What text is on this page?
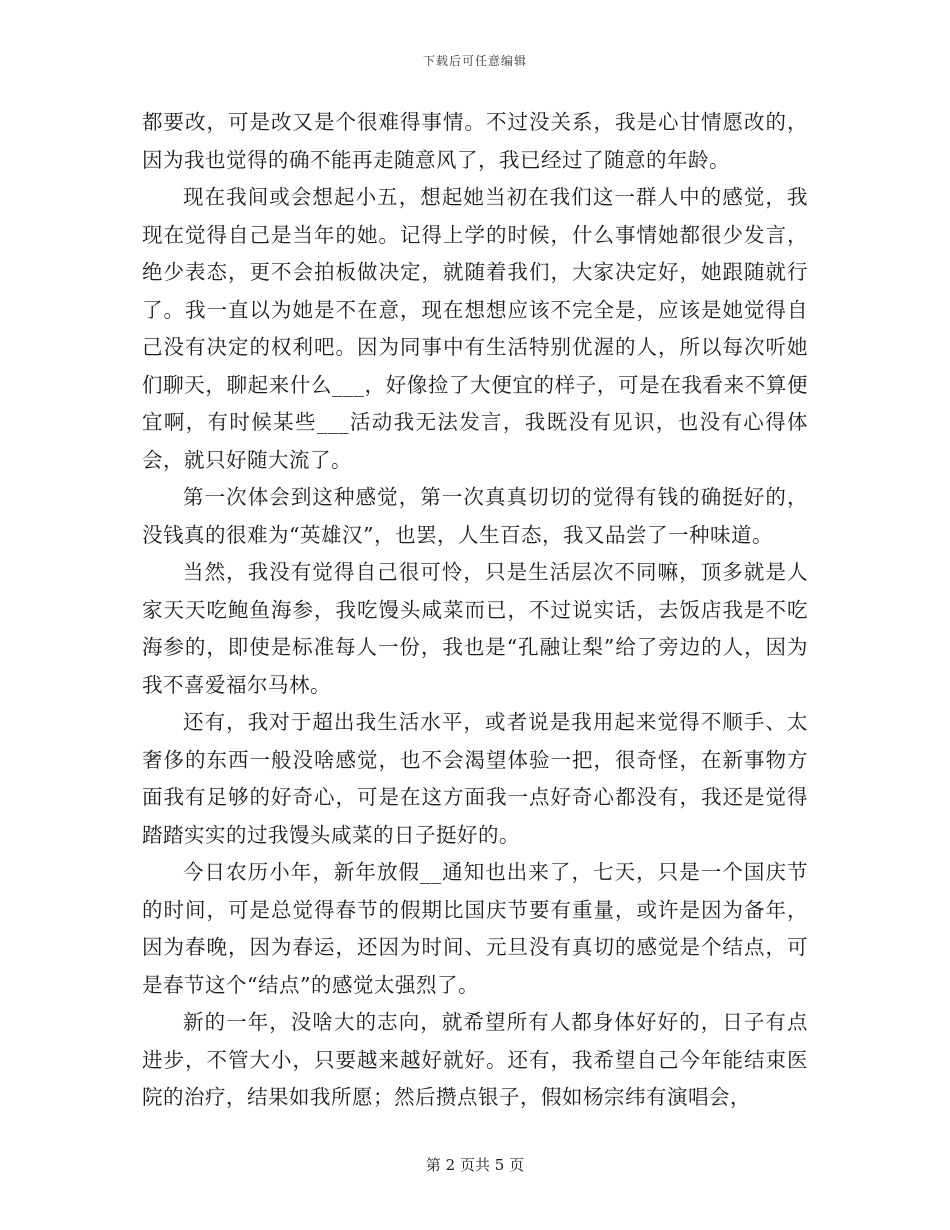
下载后可任意编辑

都要改，可是改又是个很难得事情。不过没关系，我是心甘情愿改的，因为我也觉得的确不能再走随意风了，我已经过了随意的年龄。

现在我间或会想起小五，想起她当初在我们这一群人中的感觉，我现在觉得自己是当年的她。记得上学的时候，什么事情她都很少发言，绝少表态，更不会拍板做决定，就随着我们，大家决定好，她跟随就行了。我一直以为她是不在意，现在想想应该不完全是，应该是她觉得自己没有决定的权利吧。因为同事中有生活特别优渥的人，所以每次听她们聊天，聊起来什么___，好像捡了大便宜的样子，可是在我看来不算便宜啊，有时候某些___活动我无法发言，我既没有见识，也没有心得体会，就只好随大流了。

第一次体会到这种感觉，第一次真真切切的觉得有钱的确挺好的，没钱真的很难为“英雄汉”，也罢，人生百态，我又品尝了一种味道。

当然，我没有觉得自己很可怜，只是生活层次不同嘛，顶多就是人家天天吃鲍鱼海参，我吃馒头咸菜而已，不过说实话，去饭店我是不吃海参的，即使是标准每人一份，我也是“孔融让梨”给了旁边的人，因为我不喜爱福尔马林。

还有，我对于超出我生活水平，或者说是我用起来觉得不顺手、太奢侈的东西一般没啥感觉，也不会渴望体验一把，很奇怪，在新事物方面我有足够的好奇心，可是在这方面我一点好奇心都没有，我还是觉得踏踏实实的过我馒头咸菜的日子挺好的。

今日农历小年，新年放假__通知也出来了，七天，只是一个国庆节的时间，可是总觉得春节的假期比国庆节要有重量，或许是因为备年，因为春晚，因为春运，还因为时间、元旦没有真切的感觉是个结点，可是春节这个“结点”的感觉太强烈了。

新的一年，没啥大的志向，就希望所有人都身体好好的，日子有点进步，不管大小，只要越来越好就好。还有，我希望自己今年能结束医院的治疗，结果如我所愿；然后攒点银子，假如杨宗纬有演唱会，

第 2 页共 5 页
